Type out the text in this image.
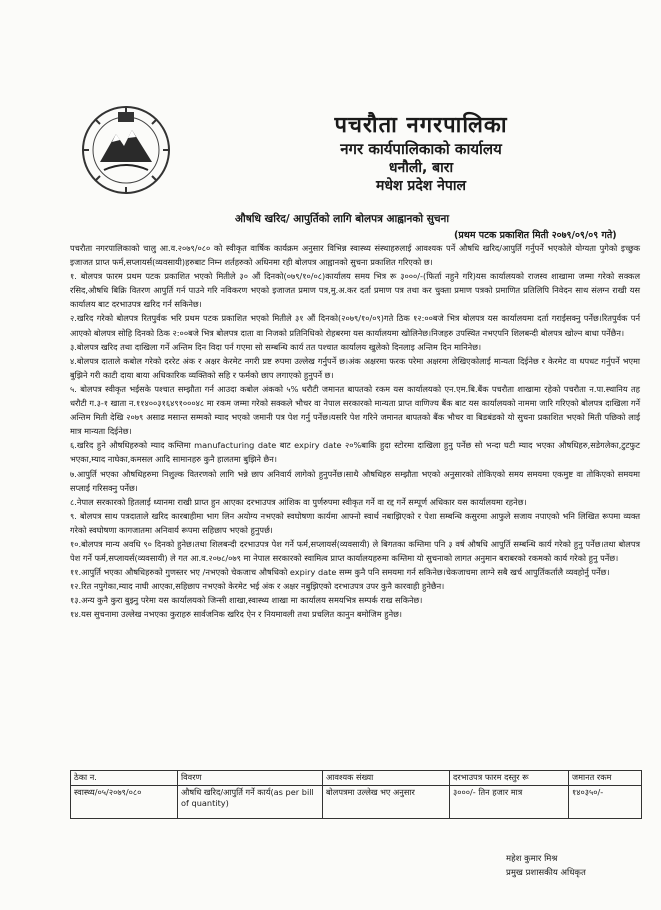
पचरौता नगरपालिका
नगर कार्यपालिकाको कार्यालय
धनौली, बारा
मधेश प्रदेश नेपाल
औषधि खरिद/ आपुर्तिको लागि बोलपत्र आह्वानको सुचना
(प्रथम पटक प्रकाशित मिती २०७९/०९/०९ गते)

पचरौता नगरपालिकाको चालु आ.व.२०७९/०८० को स्वीकृत वार्षिक कार्यक्रम अनुसार विभिन्न स्वास्थ्य संस्थाहरुलाई आवश्यक पर्ने औषधि खरिद/आपुर्ति गर्नुपर्ने भएकोले योग्यता पुगेको इच्छुक इजाजत प्राप्त फर्म,सप्लायर्स(व्यवसायी)हरुबाट निम्न शर्तहरुको अधिनमा रही बोलपत्र आह्वानको सुचना प्रकाशित गरिएको छ।

१. बोलपत्र फारम प्रथम पटक प्रकाशित भएको मितीले ३० औं दिनको(०७९/१०/०८)कार्यालय समय भित्र रू ३०००/-(फिर्ता नहुने गरि)यस कार्यालयको राजस्व शाखामा जम्मा गरेको सक्कल रसिद,औषधि बिक्रि वितरण आपुर्ति गर्न पाउने गरि नविकरण भएको इजाजत प्रमाण पत्र,मु.अ.कर दर्ता प्रमाण पत्र तथा कर चुक्ता प्रमाण पत्रको प्रमाणित प्रतिलिपि निवेदन साथ संलग्न राखी यस कार्यालय बाट दरभाउपत्र खरिद गर्न सकिनेछ।

२.खरिद गरेको बोलपत्र रितपुर्वक भरि प्रथम पटक प्रकाशित भएको मितीले ३१ औं दिनको(२०७९/१०/०९)गते ठिक १२:००बजे भित्र बोलपत्र यस कार्यालयमा दर्ता गराईसक्नु पर्नेछ।रितपुर्वक पर्न आएको बोलपत्र सोहि दिनको ठिक २:००बजे भित्र बोलपत्र दाता वा निजको प्रतिनिधिको रोहबरमा यस कार्यालयमा खोलिनेछ।निजहरु उपस्थित नभएपनि शिलबन्दी बोलपत्र खोल्न बाधा पर्नेछैन।

३.बोलपत्र खरिद तथा दाखिला गर्ने अन्तिम दिन विदा पर्न गएमा सो सम्बन्धि कार्य तत पश्चात कार्यालय खुलेको दिनलाइ अन्तिम दिन मानिनेछ।

४.बोलपत्र दाताले कबोल गरेको दररेट अंक र अक्षर केरमेट नगरी प्रष्ट रुपमा उल्लेख गर्नुपर्ने छ।अंक अक्षरमा फरक परेमा अक्षरमा लेखिएकोलाई मान्यता दिईनेछ र केरमेट वा धपधट गर्नुपर्ने भएमा बुझिने गरी काटी दाया बाया अधिकारिक व्यक्तिको सहि र फर्मको छाप लगाएको हुनुपर्ने छ।

५. बोलपत्र स्वीकृत भईसके पश्चात सम्झौता गर्न आउदा कबोल अंकको ५% धरौटी जमानत बापतको रकम यस कार्यालयको एन.एम.बि.बैंक पचरौता शाखामा रहेको पचरौता न.पा.स्थानिय तह धरौटी ग.३-१ खाता न.११४००३१६४९१०००४८ मा रकम जम्मा गरेको सक्कले भौचर वा नेपाल सरकारको मान्यता प्राप्त वाणिज्य बैंक बाट यस कार्यालयको नाममा जारि गरिएको बोलपत्र दाखिला गर्ने अन्तिम मिती देखि २०७९ असाढ मसान्त सम्मको म्याद भएको जमानी पत्र पेश गर्नु पर्नेछ।यसरि पेश गरिने जमानत बापतको बैंक भौचर वा बिडबंडको यो सुचना प्रकाशित भएको मिती पछिको लाई मात्र मान्यता दिईनेछ।

६.खरिद हुने औषधिहरुको म्याद कम्तिमा manufacturing date बाट expiry date २०%बाकि हुदा स्टोरमा दाखिला हुनु पर्नेछ सो भन्दा घटी म्याद भएका औषधिहरु,सडेगलेका,टुटफुट भएका,म्याद नाघेका,कमसल आदि सामानहरु कुनै हालतमा बुझिने छैन।

७.आपुर्ति भएका औषधिहरुमा निशुल्क वितरणको लागि भन्ने छाप अनिवार्य लागेको हुनुपर्नेछ।साथै औषधिहरु सम्झौता भएको अनुसारको तोकिएको समय समयमा एकमुष्ट वा तोकिएको समयमा सप्लाई गरिसक्नु पर्नेछ।

८.नेपाल सरकारको हितलाई ध्यानमा राखी प्राप्त हुन आएका दरभाउपत्र आंशिक वा पुर्णरुपमा स्वीकृत गर्ने वा रद्द गर्ने सम्पूर्ण अधिकार यस कार्यालयमा रहनेछ।

९. बोलपत्र साथ पत्रदाताले खरिद कारबाहीमा भाग लिन अयोग्य नभएको स्वघोषणा कार्यमा आफ्नो स्वार्थ नबाझिएको र पेशा सम्बन्धि कसुरमा आफुले सजाय नपाएको भनि लिखित रूपमा व्यक्त गरेको स्वघोषणा कागजातमा अनिवार्य रूपमा सहिछाप भएको हुनुपर्छ।

१०.बोलपत्र मान्य अवधि ९० दिनको हुनेछ।तथा शिलबन्दी दरभाउपत्र पेश गर्ने फर्म,सप्लायर्स(व्यवसायी) ले बिगतका कम्तिमा पनि ३ वर्ष औषधि आपुर्ति सम्बन्धि कार्य गरेको हुनु पर्नेछ।तथा बोलपत्र पेश गर्ने फर्म,सप्लायर्स(व्यवसायी) ले गत आ.व.२०७८/०७९ मा नेपाल सरकारको स्वामित्व प्राप्त कार्यालयहरुमा कम्तिमा यो सुचनाको लागत अनुमान बराबरको रकमको कार्य गरेको हुनु पर्नेछ।

११.आपुर्ति भएका औषधिहरुको गुणस्तर भए /नभएको चेकजाच औषधिको expiry date सम्म कुनै पनि समयमा गर्न सकिनेछ।चेकजाचमा लाग्ने सबै खर्च आपुर्तिकर्तालै व्यवहोर्नु पर्नेछ।

१२.रित नपुगेका,म्याद नाघी आएका,सहिछाप नभएको केरमेट भई अंक र अक्षर नबुझिएको दरभाउपत्र उपर कुनै कारवाही हुनेछैन।

१३.अन्य कुनै कुरा बुझ्नु परेमा यस कार्यालयको जिन्सी शाखा,स्वास्थ्य शाखा मा कार्यालय समयभित्र सम्पर्क राख सकिनेछ।

१४.यस सुचनामा उल्लेख नभएका कुराहरु सार्वजनिक खरिद ऐन र नियमावली तथा प्रचलित कानुन बमोजिम हुनेछ।

ठेका न.	विवरण	आवश्यक संख्या	दरभाउपत्र फारम दस्तुर रू	जमानत रकम
स्वास्थ्य/०५/२०७९/०८०	औषधि खरिद/आपुर्ति गर्ने कार्य(as per bill of quantity)	बोलपत्रमा उल्लेख भए अनुसार	३०००/- तिन हजार मात्र	१४०३५०/-
महेश कुमार मिश्र
प्रमुख प्रशासकीय अधिकृत
